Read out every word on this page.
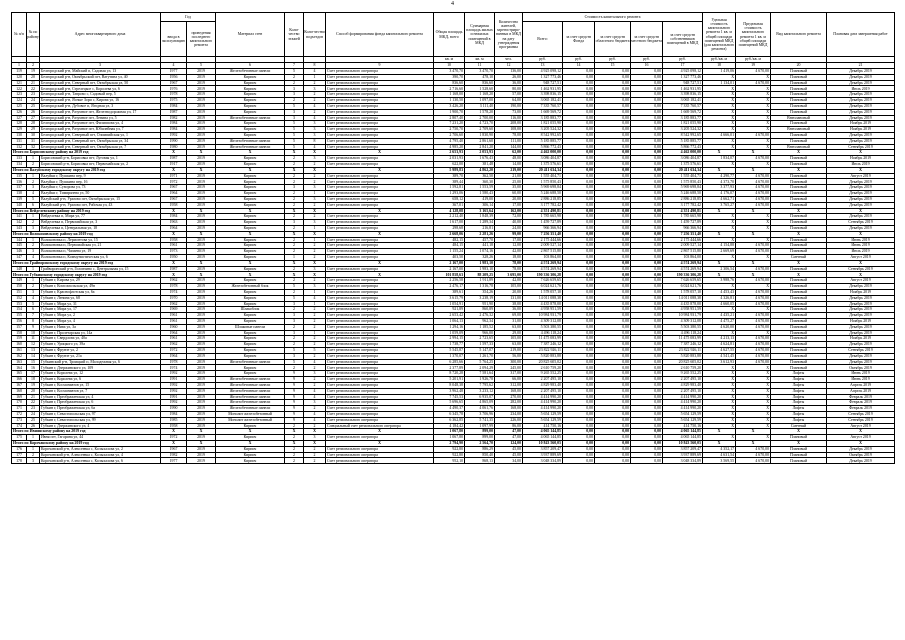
4
№ п/п	№ по району	Адрес многоквартирного дома	Год		Материал стен	Коли-чество этажей	Коли-чество подъездов	Способ формирования фонда капитального ремонта	Общая площадь МКД, всего	Суммарная площадь жилых и нежилых помещений в МКД	Количество жителей, зарегистриро-ванных в МКД на дату утверждения программы	Стоимость капитального ремонта					Удельная стоимость капитального ремонта 1 кв. м общей площади помещений МКД (для капитального ремонта)	Предельная стоимость капитального ремонта 1 кв. м общей площади помещений МКД	Вид капитального ремонта	Плановая дата завершения работ
			ввода в эксплуатацию	проведения последнего капитального ремонта								Всего:	за счет средств Фонда	за счет средств областного бюджета	за счет средств местного бюджета	за счет средств собственников помещений в МКД				
									кв. м	кв. м	чел.	руб.	руб.	руб.	руб.	руб.	руб./кв. м	руб./кв. м		
1	2	3	4	5	6	7	8	9	10	11	12	13	14	15	16	17	18	19	20	21
119	19	Белгородский р-н, Майский п, Садовая ул, 13	1977	2019	Железобетонные панели	5	4	Счет регионального оператора	3 470,70	3 470,70	136,00	4 925 098,12	0,00	0,00	0,00	4 925 098,12	1 419,06	4 670,00	Плановый	Декабрь 2019
120	20	Белгородский р-н, Октябрьский пгт, Ватутина ул, 40	1956	2019	Кирпич	2	1	Счет регионального оператора	390,70	478,10	26,00	1 327 773,46	0,00	0,00	0,00	1 327 773,46	X	X	Плановый	Декабрь 2019
121	21	Белгородский р-н, Северный пгт, Октябрьская ул, 50	1967	2019	Кирпич	2	2	Счет регионального оператора	836,60	836,60	36,00	948 727,51	0,00	0,00	0,00	948 727,51	1 134,01	4 670,00	Плановый	Декабрь 2019
122	22	Белгородский р-н, Стрелецкое с, Королева ул, 6	1976	2019	Кирпич	3	3	Счет регионального оператора	2 716,60	1 528,60	80,00	1 462 931,95	0,00	0,00	0,00	1 462 931,95	X	X	Плановый	Июль 2019
123	23	Белгородский р-н, Таврово с, Садовый пер, 5	1978	2019	Кирпич	3	2	Счет регионального оператора	1 168,00	1 168,20	57,00	3 398 836,15	0,00	0,00	0,00	3 398 836,15	X	X	Плановый	Декабрь 2019
124	24	Белгородский р-н, Ясные Зори с, Кирова ул, 16	1975	2019	Кирпич	2	2	Счет регионального оператора	1 130,50	1 097,00	64,00	3 065 182,41	0,00	0,00	0,00	3 065 182,41	X	X	Плановый	Декабрь 2019
125	25	Белгородский р-н, Дубовое п, Ягодная ул, 3	1984	2019	Кирпич	5	4	Счет регионального оператора	3 426,20	3 111,40	190,00	7 335 760,57	0,00	0,00	0,00	7 335 760,57	X	X	Плановый	Декабрь 2019
126	26	Белгородский р-н, Разумное пгт, Железнодорожная ул, 17	1987	2019	Кирпич	3	2	Счет регионального оператора	1 900,70	1 578,20	73,00	1 669 569,72	0,00	0,00	0,00	1 669 569,72	X	X	Плановый	Декабрь 2019
127	27	Белгородский р-н, Разумное пгт, Ленина ул, 5	1982	2019	Железобетонные панели	3	4	Счет регионального оператора	2 807,40	2 700,00	116,00	3 185 883,77	0,00	0,00	0,00	3 185 883,77	X	X	Внеплановый	Декабрь 2019
128	28	Белгородский р-н, Разумное пгт, Филиппова ул, 4	1984	2019	Кирпич	5	3	Счет регионального оператора	7 231,20	4 723,70	208,00	1 821 055,90	0,00	0,00	0,00	1 821 055,90	X	X	Плановый	Ноябрь 2019
129	29	Белгородский р-н, Разумное пгт, Юбилейная ул, 7	1984	2019	Кирпич	5	3	Счет регионального оператора	2 750,70	2 709,60	108,00	3 205 524,32	0,00	0,00	0,00	3 205 524,32	X	X	Внеплановый	Ноябрь 2019
130	30	Белгородский р-н, Северный пгт, Олимпийская ул, 1	1992	2019	Кирпич	5	3	Счет регионального оператора	2 706,60	1 830,90	78,00	8 542 992,65	0,00	0,00	0,00	8 542 992,65	4 666,01	4 670,00	Плановый	Декабрь 2019
131	31	Белгородский р-н, Северный пгт, Октябрьская ул, 34	1990	2019	Железобетонные панели	5	8	Счет регионального оператора	4 795,40	2 861,60	111,00	5 185 885,77	0,00	0,00	0,00	5 185 885,77	X	X	Плановый	Декабрь 2019
132	32	Белгородский р-н, Северный пгт, Октябрьская ул, 7	1980	2019	Железобетонные панели	5	4	Счет регионального оператора	4 985,20	2 841,20	144,00	5 866 772,43	0,00	0,00	0,00	5 866 772,43	X	X	Внеплановый	Сентябрь 2019
Итого по Борисовскому району на 2019 год			X	X	X	X	X	X	2 653,93	2 053,93	62,00	4 462 000,00	0,00	0,00	0,00	4 462 000,00	X	X	X	X
133	1	Борисовский р-н, Борисовка пгт, Луговая ул, 1	1987	2019	Кирпич	2	3	Счет регионального оператора	2 031,93	1 676,43	48,00	3 086 404,87	0,00	0,00	0,00	3 086 404,87	1 834,07	4 670,00	Плановый	Ноябрь 2019
134	2	Борисовский р-н, Борисовка пгт, Первомайская ул, 2	1917	2019	Кирпич	2	2	Счет регионального оператора	622,00	381,48	14,00	1 375 576,61	0,00	0,00	0,00	1 375 576,61	X	X	Плановый	Июль 2019
Итого по Валуйскому городскому округу на 2019 год			X	X	X	X	X	X	5 989,83	4 862,20	219,00	20 411 634,34	0,00	0,00	0,00	20 411 634,34	X	X	X	X
135	1	Валуйки г, Пушкина пер, 9	1971	2019	Кирпич	2	2	Счет регионального оператора	389,70	362,50	21,00	1 555 404,71	0,00	0,00	0,00	1 555 404,71	4 290,77	4 670,00	Плановый	Август 2019
136	2	Валуйки г, Пушкина пер, 16	1972	2019	Кирпич	2	2	Счет регионального оператора	389,44	360,30	25,00	1 575 850,43	0,00	0,00	0,00	1 575 850,43	4 373,70	4 670,00	Плановый	Декабрь 2019
137	3	Валуйки г, Суворова ул, 73	1967	2019	Кирпич	3	3	Счет регионального оператора	1 592,81	1 553,59	35,00	5 969 698,84	0,00	0,00	0,00	5 969 698,84	3 377,93	4 670,00	Плановый	Декабрь 2019
138	4	Валуйки г, Тимирязева ул, 50	1964	2019	Кирпич	2	1	Счет регионального оператора	1 293,06	1 580,43	60,00	5 246 688,50	0,00	0,00	0,00	5 246 688,50	4 176,07	4 670,00	Плановый	Декабрь 2019
139	5	Валуйский р-н, Уразово пгт, Октябрьская ул, 15	1967	2019	Кирпич	2	3	Счет регионального оператора	658,12	419,00	20,00	2 886 218,85	0,00	0,00	0,00	2 886 218,85	4 662,71	4 670,00	Плановый	Декабрь 2019
140	6	Валуйский р-н, Уразово пгт, Рабочая ул, 43	1958	2019	Кирпич	2	2	Счет регионального оператора	367,01	306,14	17,00	3 177 782,42	0,00	0,00	0,00	3 177 782,42	3 765,27	4 670,00	Плановый	Декабрь 2019
Итого по Вейделевскому району на 2019 год			X	X	X	X	X	X	4 128,08	3 165,64	162,00	4 351 490,81	0,00	0,00	0,00	4 351 490,81	X	X	X	X
141	1	Вейделевка п, Мира ул, 77	1984	2019	Кирпич	2	2	Счет регионального оператора	2 212,40	1 848,39	72,00	1 785 665,98	0,00	0,00	0,00	1 785 665,98	X	X	Плановый	Декабрь 2019
142	2	Вейделевка п, Первомайская ул, 3	1963	2019	Кирпич	3	3	Счет регионального оператора	1 617,00	1 289,34	40,00	1 459 727,89	0,00	0,00	0,00	1 459 727,89	X	X	Плановый	Сентябрь 2019
143	3	Вейделевка п, Центральная ул, 18	1964	2019	Кирпич	2	1	Счет регионального оператора	298,68	216,81	24,00	966 366,94	0,00	0,00	0,00	966 366,94	X	X	Плановый	Декабрь 2019
Итого по Волоконовскому району на 2019 год			X	X	X	X	X	X	2 668,06	2 281,26	99,00	7 256 351,40	0,00	0,00	0,00	7 256 351,40	X	X	X	X
144	1	Волоконовка п, Лермонтова ул, 15	1958	2019	Кирпич	2	1	Счет регионального оператора	482,15	457,70	17,00	2 175 444,66	0,00	0,00	0,00	2 175 444,66	X	X	Плановый	Июнь 2019
145	2	Волоконовка п, Первомайская ул, 21	1961	2019	Кирпич	2	2	Счет регионального оператора	484,15	441,18	12,00	2 009 527,14	0,00	0,00	0,00	2 009 527,14	4 154,88	4 670,00	Плановый	Июнь 2019
146	3	Волоконовка п, Чапаева ул, 19	1973	2019	Кирпич	2	2	Счет регионального оператора	1 155,24	1 074,16	42,00	2 867 515,80	0,00	0,00	0,00	2 867 515,80	2 669,69	4 670,00	Плановый	Июль 2019
147	4	Волоконовка п, Коммунистическая ул, 6	1950	2019	Кирпич	1	2	Счет регионального оператора	403,50	328,26	18,00	103 864,00	0,00	0,00	0,00	103 864,00	X	X	Сметный	Август 2019
Итого по Грайворонскому городскому округу на 2019 год			X	X	X	X	X	X	2 167,00	1 983,10	78,00	4 574 269,94	0,00	0,00	0,00	4 574 269,94	X	X	X	X
148	1	Грайворонский р-н, Головчино с, Центральная ул, 15	1987	2019	Кирпич	2	3	Счет регионального оператора	2 167,00	1 983,10	78,00	4 574 269,94	0,00	0,00	0,00	4 574 269,94	2 306,54	4 670,00	Плановый	Сентябрь 2019
Итого по Губкинскому городскому округу на 2019 год			X	X	X	X	X	X	101 858,63	88 209,25	3 695,00	190 336 306,28	0,00	0,00	0,00	190 336 306,28	X	X	X	X
149	1	Губкин г, Кирова ул, 29	1962	2019	Кирпич	2	2	Счет регионального оператора	2 256,58	1 911,89	42,00	7 626 659,65	0,00	0,00	0,00	7 626 659,65	3 988,76	4 670,00	Плановый	Август 2019
150	2	Губкин г, Комсомольская ул, 49в	1978	2019	Железобетонный блок	5	3	Счет регионального оператора	2 476,17	1 316,78	105,00	6 024 621,76	0,00	0,00	0,00	6 024 621,76	X	X	Плановый	Декабрь 2019
151	3	Губкин г, Краснофлотская ул, 6а	1974	2019	Кирпич	2	1	Счет регионального оператора	389,61	354,26	20,00	1 578 057,10	0,00	0,00	0,00	1 578 057,10	4 453,43	4 670,00	Плановый	Ноябрь 2019
152	4	Губкин г, Ленина ул, 68	1970	2019	Кирпич	5	4	Счет регионального оператора	3 615,79	3 238,19	131,00	14 011 088,38	0,00	0,00	0,00	14 011 088,38	4 326,81	4 670,00	Плановый	Декабрь 2019
153	5	Губкин г, Мира ул, 31	1962	2019	Кирпич	3	1	Счет регионального оператора	1 054,91	951,90	38,00	4 435 878,00	0,00	0,00	0,00	4 435 878,00	4 660,05	4 670,00	Плановый	Декабрь 2019
154	6	Губкин г, Мира ул, 17	1969	2019	Шлакоблок	2	2	Счет регионального оператора	921,89	860,89	36,00	4 958 951,59	0,00	0,00	0,00	4 958 951,59	X	X	Плановый	Декабрь 2019
155	7	Губкин г, Мира ул, 2	1961	2019	Кирпич	3	2	Счет регионального оператора	2 653,42	2 476,32	69,00	10 984 931,79	0,00	0,00	0,00	10 984 931,79	4 435,21	4 670,00	Плановый	Декабрь 2019
156	8	Губкин г, Мира ул, 4	1961	2019	Кирпич	3	2	Счет регионального оператора	1 064,13	962,34	31,00	4 309 312,08	0,00	0,00	0,00	4 309 312,08	4 475,27	4 670,00	Плановый	Ноябрь 2019
157	9	Губкин г, Нива ул, 3а	1960	2019	Шлаковые панели	2	2	Счет регионального оператора	1 294,16	1 185,52	63,00	5 503 380,55	0,00	0,00	0,00	5 503 380,55	4 620,00	4 670,00	Плановый	Декабрь 2019
158	10	Губкин г, Пролетарская ул, 14а	1964	2019	Кирпич	3	1	Счет регионального оператора	1 059,09	966,00	29,00	4 496 118,24	0,00	0,00	0,00	4 496 118,24	X	X	Плановый	Декабрь 2019
159	11	Губкин г, Свердлова ул, 40а	1961	2019	Кирпич	2	2	Счет регионального оператора	2 994,15	2 723,65	105,00	11 475 083,99	0,00	0,00	0,00	11 475 083,99	4 213,13	4 670,00	Плановый	Ноябрь 2019
160	12	Губкин г, Урицкого ул, 39а	1962	2019	Кирпич	2	2	Счет регионального оператора	1 738,77	1 597,33	63,00	7 387 246,12	0,00	0,00	0,00	7 387 246,12	4 624,81	4 670,00	Плановый	Декабрь 2019
161	13	Губкин г, Фрунзе ул, 2	1972	2019	Кирпич	5	5	Счет регионального оператора	5 545,87	5 147,07	219,00	23 822 926,11	0,00	0,00	0,00	23 822 926,11	4 627,55	4 670,00	Плановый	Сентябрь 2019
162	14	Губкин г, Фрунзе ул, 21а	1964	2019	Кирпич	3	2	Счет регионального оператора	1 370,07	1 261,70	56,00	5 820 883,88	0,00	0,00	0,00	5 820 883,88	4 541,45	4 670,00	Плановый	Декабрь 2019
163	15	Губкинский р-н, Троицкий п, Молодежная ул, 6	1978	2019	Железобетонные панели	5	4	Счет регионального оператора	6 285,66	5 764,25	300,00	20 825 605,02	0,00	0,00	0,00	20 825 605,02	3 612,93	4 670,00	Плановый	Декабрь 2019
164	16	Губкин г, Дзержинского ул, 109	1974	2019	Кирпич	2	2	Счет регионального оператора	2 377,89	2 094,29	245,00	2 610 759,20	0,00	0,00	0,00	2 610 759,20	X	X	Плановый	Октябрь 2019
165	17	Губкин г, Королева ул, 12	1992	2019	Кирпич	9	3	Счет регионального оператора	8 720,28	7 581,64	317,00	9 265 552,25	0,00	0,00	0,00	9 265 552,25	X	X	Лифты	Июнь 2019
166	18	Губкин г, Королева ул, 6	1991	2019	Железобетонные панели	9	2	Счет регионального оператора	5 201,91	1 926,78	66,00	2 207 495,10	0,00	0,00	0,00	2 207 495,10	X	X	Лифты	Июнь 2019
167	19	Губкин г, Космонавтов ул, 15	1992	2019	Железобетонные панели	9	2	Счет регионального оператора	8 048,38	7 795,62	312,00	4 829 983,40	0,00	0,00	0,00	4 829 983,40	X	X	Лифты	Апрель 2019
168	20	Губкин г, Космонавтов ул, 7	1992	2019	Железобетонные панели	9	4	Счет регионального оператора	3 962,48	3 233,12	168,00	2 207 495,10	0,00	0,00	0,00	2 207 495,10	X	X	Лифты	Апрель 2019
169	21	Губкин г, Преображенская ул, 4	1991	2019	Железобетонные панели	9	4	Счет регионального оператора	7 745,53	6 935,07	270,00	4 414 990,20	0,00	0,00	0,00	4 414 990,20	X	X	Лифты	Февраль 2019
170	22	Губкин г, Преображенская ул, 6	1992	2019	Железобетонные панели	9	3	Счет регионального оператора	5 696,65	4 865,09	282,00	4 414 990,20	0,00	0,00	0,00	4 414 990,20	X	X	Лифты	Февраль 2019
171	23	Губкин г, Преображенская ул, 6а	1990	2019	Железобетонные панели	9	2	Счет регионального оператора	4 490,37	4 061,76	168,00	4 414 990,20	0,00	0,00	0,00	4 414 990,20	X	X	Лифты	Февраль 2019
172	24	Губкин г, Севастопольская ул, 97	1984	2019	Монолит железобетонный	9	4	Счет регионального оператора	6 345,78	3 706,96	234,00	5 654 129,59	0,00	0,00	0,00	5 654 129,59	X	X	Лифты	Сентябрь 2019
173	25	Губкин г, Севастопольская ул, 99	1985	2019	Монолит железобетонный	9	4	Счет регионального оператора	6 362,85	5 741,35	226,00	5 654 129,59	0,00	0,00	0,00	5 654 129,59	X	X	Лифты	Сентябрь 2019
174	26	Губкин г, Дзержинского ул, 4	1958	2019	Кирпич	2	2	Специальный счет регионального оператора	4 184,42	1 097,99	86,00	414 750,16	0,00	0,00	0,00	414 750,16	X	X	Сметный	Август 2019
Итого по Ивнянскому району на 2019 год			X	X	X	X	X	X	1 067,80	899,00	47,00	4 065 144,85	0,00	0,00	0,00	4 065 144,85	X	X	X	X
175	1	Ивня пгт, Гагарина ул, 44	1972	2019	Кирпич	2	3	Счет регионального оператора	1 067,80	899,00	47,00	4 065 144,85	0,00	0,00	0,00	4 065 144,85	X	X	Плановый	Август 2019
Итого по Корочанскому району на 2019 год			X	X	X	X	X	X	2 794,90	2 564,70	124,00	10 843 560,05	0,00	0,00	0,00	10 843 560,05	X	X	X	X
176	1	Корочанский р-н, Алексеевка с, Колыхалова ул, 2	1967	2019	Кирпич	2	2	Счет регионального оператора	922,80	886,29	45,00	3 857 209,47	0,00	0,00	0,00	3 857 209,47	4 352,17	4 670,00	Плановый	Декабрь 2019
177	2	Корочанский р-н, Алексеевка с, Колыхалова ул, 4	1982	2019	Кирпич	2	2	Счет регионального оператора	922,80	850,40	45,00	3 937 889,69	0,00	0,00	0,00	3 937 889,69	4 631,54	4 670,00	Плановый	Октябрь 2019
178	3	Корочанский р-н, Алексеевка с, Колыхалова ул, 6	1977	2019	Кирпич	2	2	Счет регионального оператора	952,10	868,13	34,00	3 048 334,89	0,00	0,00	0,00	3 048 334,89	3 569,55	4 670,00	Плановый	Декабрь 2019
